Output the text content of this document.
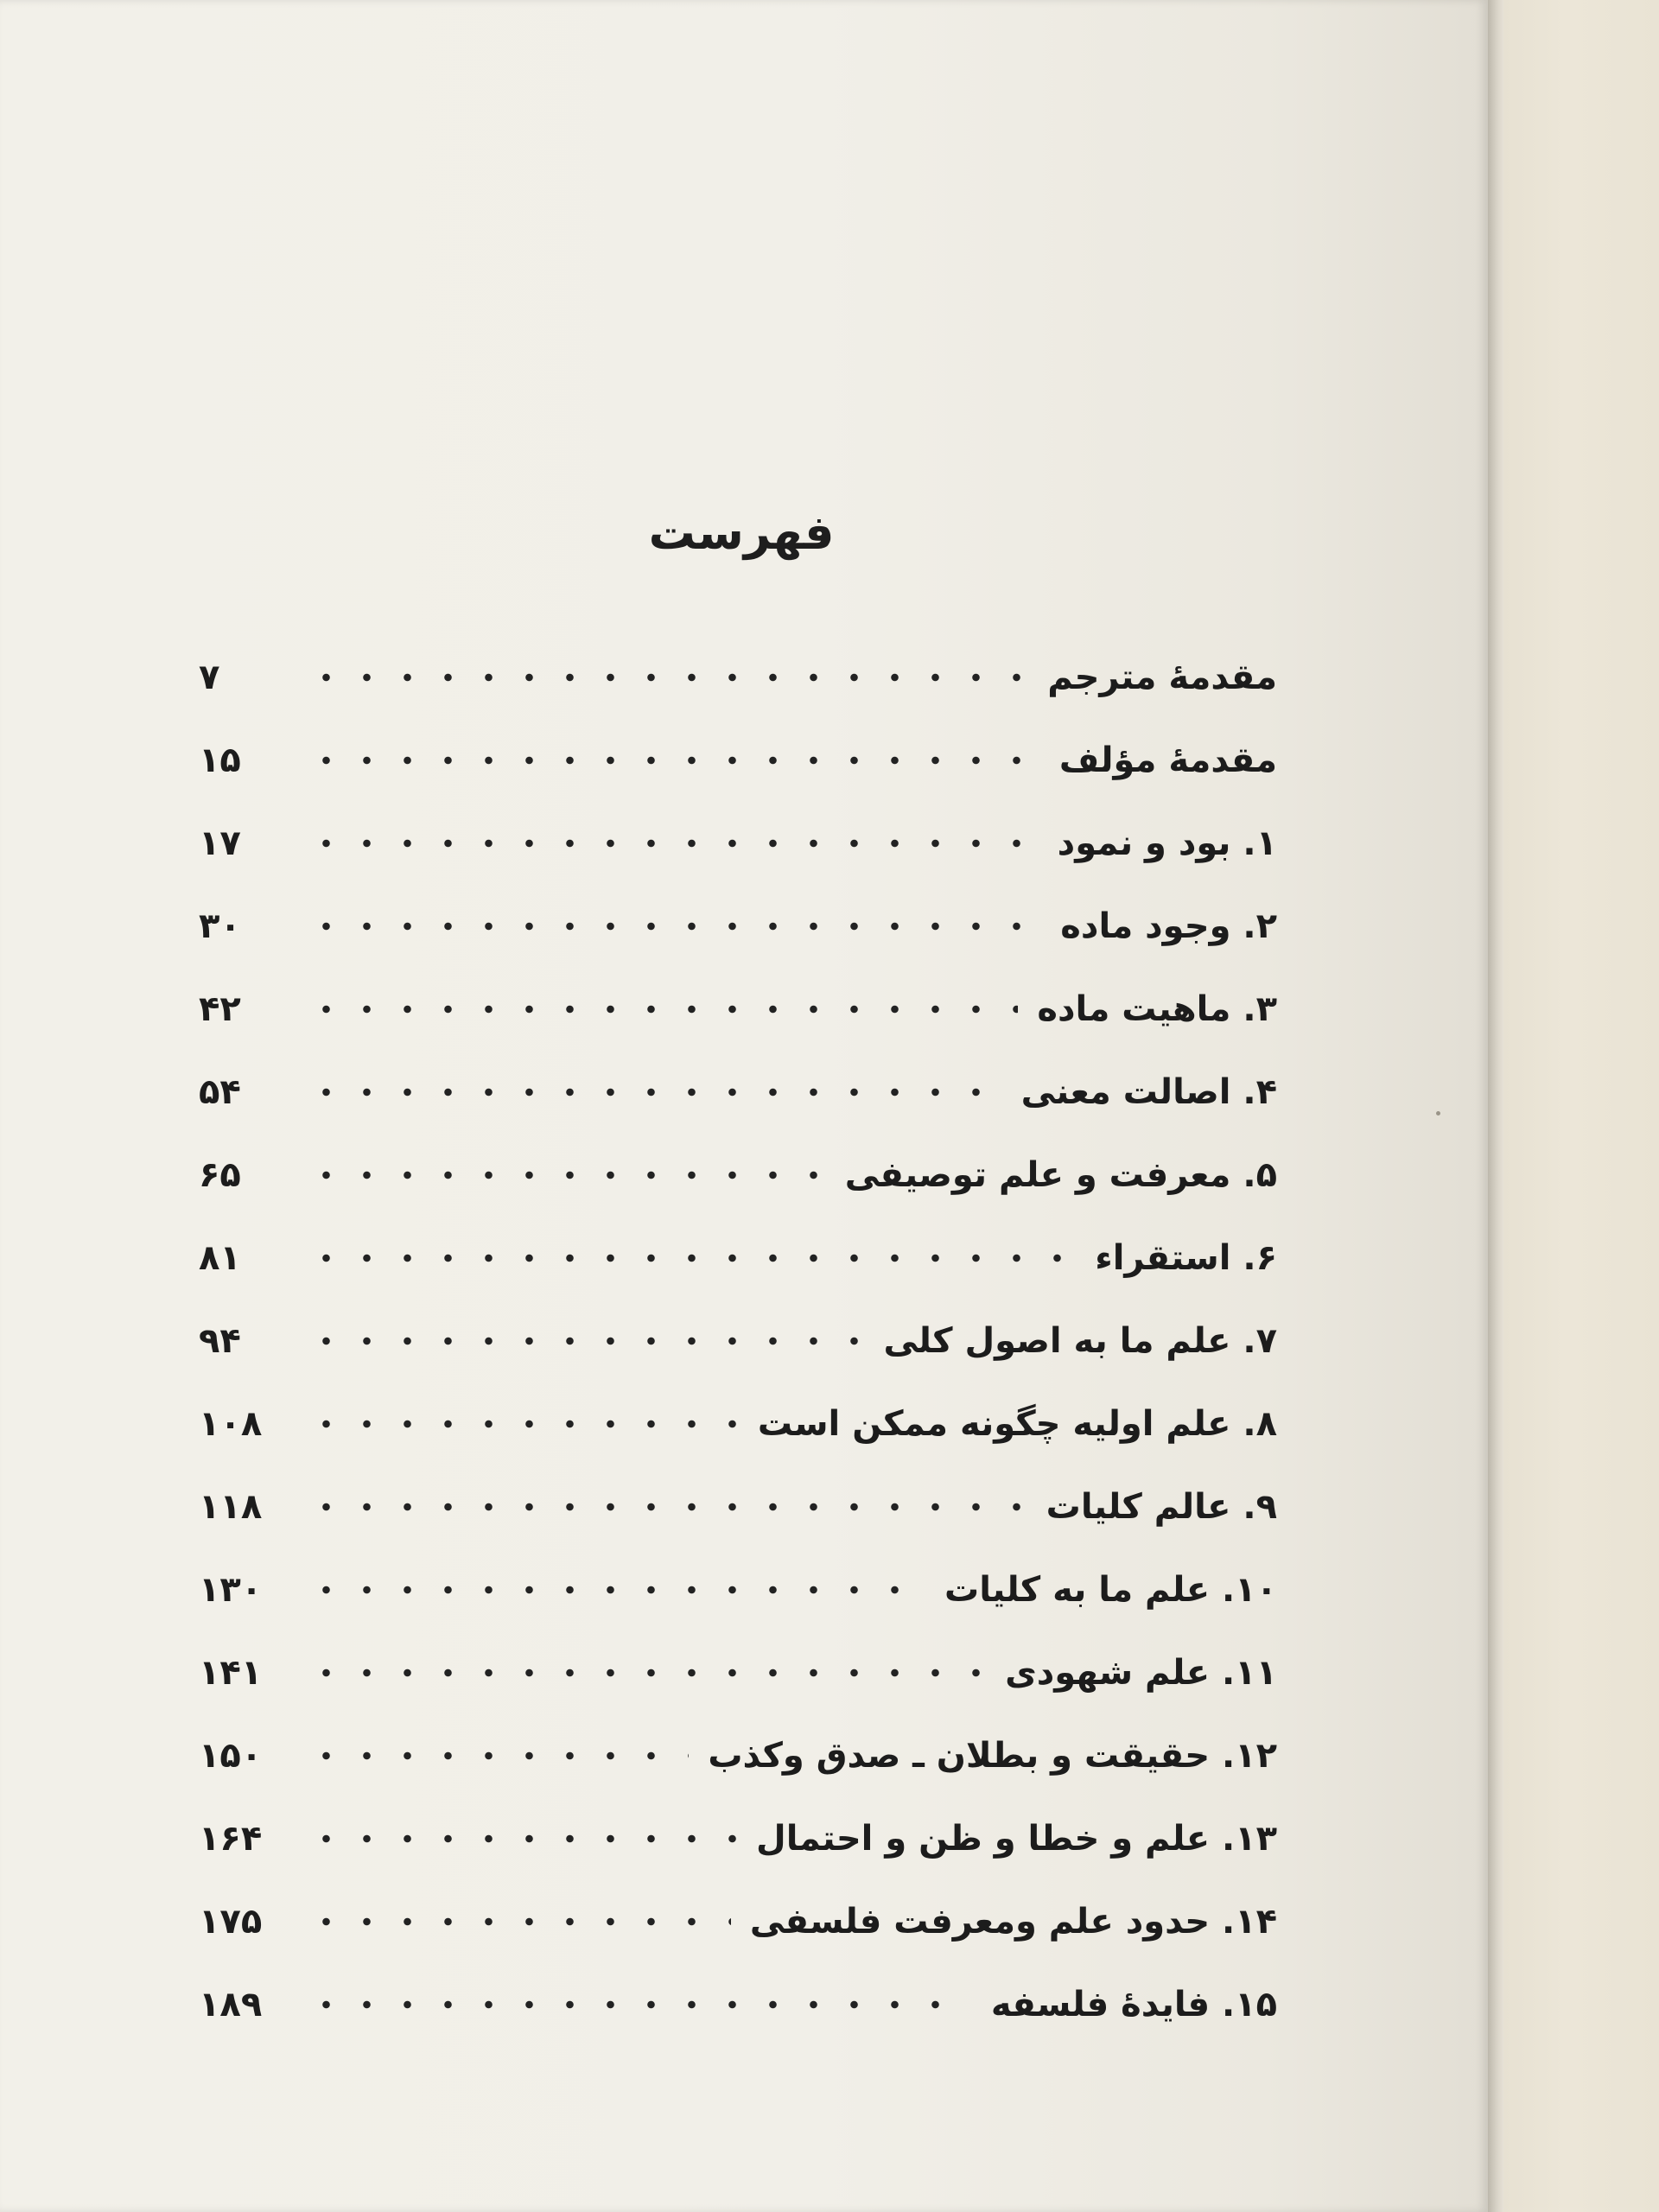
فهرست
مقدمهٔ مترجم
۷
مقدمهٔ مؤلف
۱۵
۱. بود و نمود
۱۷
۲. وجود ماده
۳۰
۳. ماهیت ماده
۴۲
۴. اصالت معنی
۵۴
۵. معرفت و علم توصیفی
۶۵
۶. استقراء
۸۱
۷. علم ما به اصول کلی
۹۴
۸. علم اولیه چگونه ممکن است
۱۰۸
۹. عالم کلیات
۱۱۸
۱۰. علم ما به کلیات
۱۳۰
۱۱. علم شهودی
۱۴۱
۱۲. حقیقت و بطلان ـ صدق وکذب
۱۵۰
۱۳. علم و خطا و ظن و احتمال
۱۶۴
۱۴. حدود علم ومعرفت فلسفی
۱۷۵
۱۵. فایدهٔ فلسفه
۱۸۹
